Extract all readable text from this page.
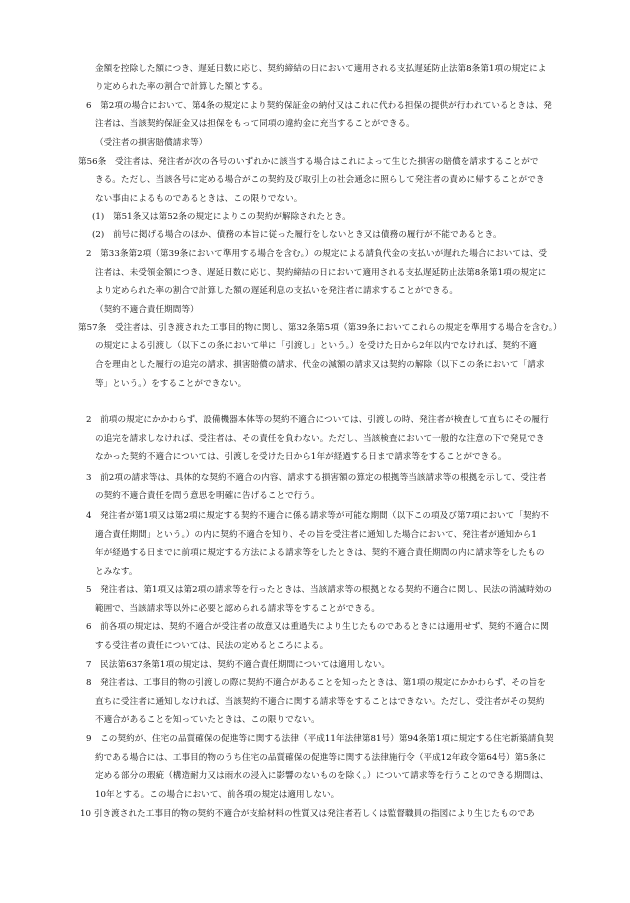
金額を控除した額につき、遅延日数に応じ、契約締結の日において適用される支払遅延防止法第8条第1項の規定によ
り定められた率の割合で計算した額とする。
6　第2項の場合において、第4条の規定により契約保証金の納付又はこれに代わる担保の提供が行われているときは、発
注者は、当該契約保証金又は担保をもって同項の違約金に充当することができる。
（受注者の損害賠償請求等）
第56条　受注者は、発注者が次の各号のいずれかに該当する場合はこれによって生じた損害の賠償を請求することがで
きる。ただし、当該各号に定める場合がこの契約及び取引上の社会通念に照らして発注者の責めに帰することができ
ない事由によるものであるときは、この限りでない。
(1)　第51条又は第52条の規定によりこの契約が解除されたとき。
(2)　前号に掲げる場合のほか、債務の本旨に従った履行をしないとき又は債務の履行が不能であるとき。
2　第33条第2項（第39条において準用する場合を含む。）の規定による請負代金の支払いが遅れた場合においては、受
注者は、未受領金額につき、遅延日数に応じ、契約締結の日において適用される支払遅延防止法第8条第1項の規定に
より定められた率の割合で計算した額の遅延利息の支払いを発注者に請求することができる。
（契約不適合責任期間等）
第57条　受注者は、引き渡された工事目的物に関し、第32条第5項（第39条においてこれらの規定を準用する場合を含む。）
の規定による引渡し（以下この条において単に「引渡し」という。）を受けた日から2年以内でなければ、契約不適
合を理由とした履行の追完の請求、損害賠償の請求、代金の減額の請求又は契約の解除（以下この条において「請求
等」という。）をすることができない。
2　前項の規定にかかわらず、設備機器本体等の契約不適合については、引渡しの時、発注者が検査して直ちにその履行
の追完を請求しなければ、受注者は、その責任を負わない。ただし、当該検査において一般的な注意の下で発見でき
なかった契約不適合については、引渡しを受けた日から1年が経過する日まで請求等をすることができる。
3　前2項の請求等は、具体的な契約不適合の内容、請求する損害額の算定の根拠等当該請求等の根拠を示して、受注者
の契約不適合責任を問う意思を明確に告げることで行う。
4　発注者が第1項又は第2項に規定する契約不適合に係る請求等が可能な期間（以下この項及び第7項において「契約不
適合責任期間」という。）の内に契約不適合を知り、その旨を受注者に通知した場合において、発注者が通知から1
年が経過する日までに前項に規定する方法による請求等をしたときは、契約不適合責任期間の内に請求等をしたもの
とみなす。
5　発注者は、第1項又は第2項の請求等を行ったときは、当該請求等の根拠となる契約不適合に関し、民法の消滅時効の
範囲で、当該請求等以外に必要と認められる請求等をすることができる。
6　前各項の規定は、契約不適合が受注者の故意又は重過失により生じたものであるときには適用せず、契約不適合に関
する受注者の責任については、民法の定めるところによる。
7　民法第637条第1項の規定は、契約不適合責任期間については適用しない。
8　発注者は、工事目的物の引渡しの際に契約不適合があることを知ったときは、第1項の規定にかかわらず、その旨を
直ちに受注者に通知しなければ、当該契約不適合に関する請求等をすることはできない。ただし、受注者がその契約
不適合があることを知っていたときは、この限りでない。
9　この契約が、住宅の品質確保の促進等に関する法律（平成11年法律第81号）第94条第1項に規定する住宅新築請負契
約である場合には、工事目的物のうち住宅の品質確保の促進等に関する法律施行令（平成12年政令第64号）第5条に
定める部分の瑕疵（構造耐力又は雨水の浸入に影響のないものを除く。）について請求等を行うことのできる期間は、
10年とする。この場合において、前各項の規定は適用しない。
10 引き渡された工事目的物の契約不適合が支給材料の性質又は発注者若しくは監督職員の指図により生じたものであ
